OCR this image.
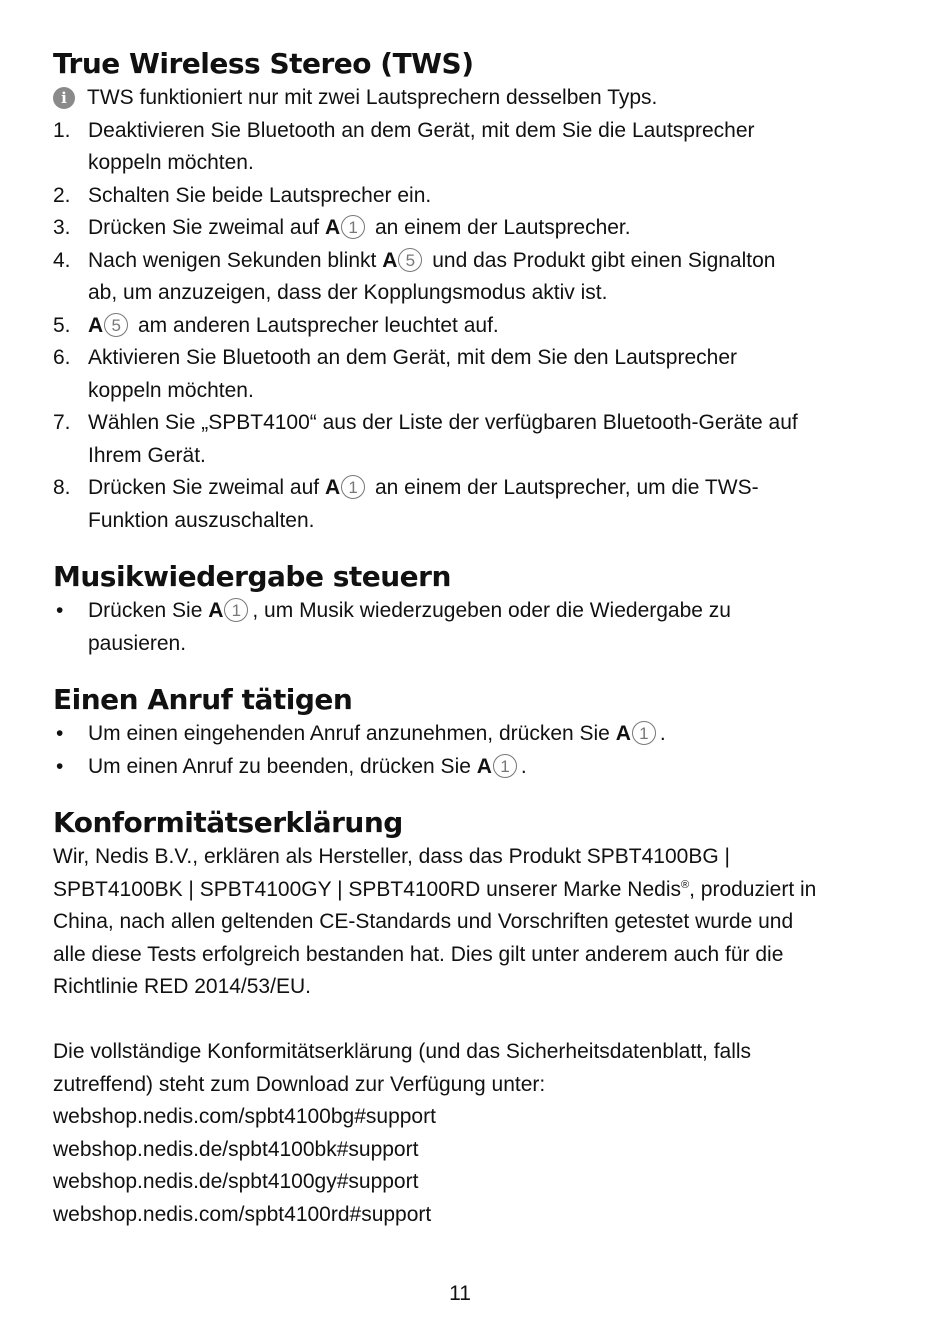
True Wireless Stereo (TWS)
i TWS funktioniert nur mit zwei Lautsprechern desselben Typs.
1. Deaktivieren Sie Bluetooth an dem Gerät, mit dem Sie die Lautsprecher
koppeln möchten.
2. Schalten Sie beide Lautsprecher ein.
3. Drücken Sie zweimal auf A 1 an einem der Lautsprecher.
4. Nach wenigen Sekunden blinkt A 5 und das Produkt gibt einen Signalton
ab, um anzuzeigen, dass der Kopplungsmodus aktiv ist.
5. A 5 am anderen Lautsprecher leuchtet auf.
6. Aktivieren Sie Bluetooth an dem Gerät, mit dem Sie den Lautsprecher
koppeln möchten.
7. Wählen Sie „SPBT4100“ aus der Liste der verfügbaren Bluetooth-Geräte auf
Ihrem Gerät.
8. Drücken Sie zweimal auf A 1 an einem der Lautsprecher, um die TWS-
Funktion auszuschalten.
Musikwiedergabe steuern
•	Drücken Sie A 1 , um Musik wiederzugeben oder die Wiedergabe zu
pausieren.
Einen Anruf tätigen
•	Um einen eingehenden Anruf anzunehmen, drücken Sie A 1 .
•	Um einen Anruf zu beenden, drücken Sie A 1 .
Konformitätserklärung
Wir, Nedis B.V., erklären als Hersteller, dass das Produkt SPBT4100BG |
SPBT4100BK | SPBT4100GY | SPBT4100RD unserer Marke Nedis®, produziert in
China, nach allen geltenden CE-Standards und Vorschriften getestet wurde und
alle diese Tests erfolgreich bestanden hat. Dies gilt unter anderem auch für die
Richtlinie RED 2014/53/EU.
Die vollständige Konformitätserklärung (und das Sicherheitsdatenblatt, falls
zutreffend) steht zum Download zur Verfügung unter:
webshop.nedis.com/spbt4100bg#support
webshop.nedis.de/spbt4100bk#support
webshop.nedis.de/spbt4100gy#support
webshop.nedis.com/spbt4100rd#support
11
